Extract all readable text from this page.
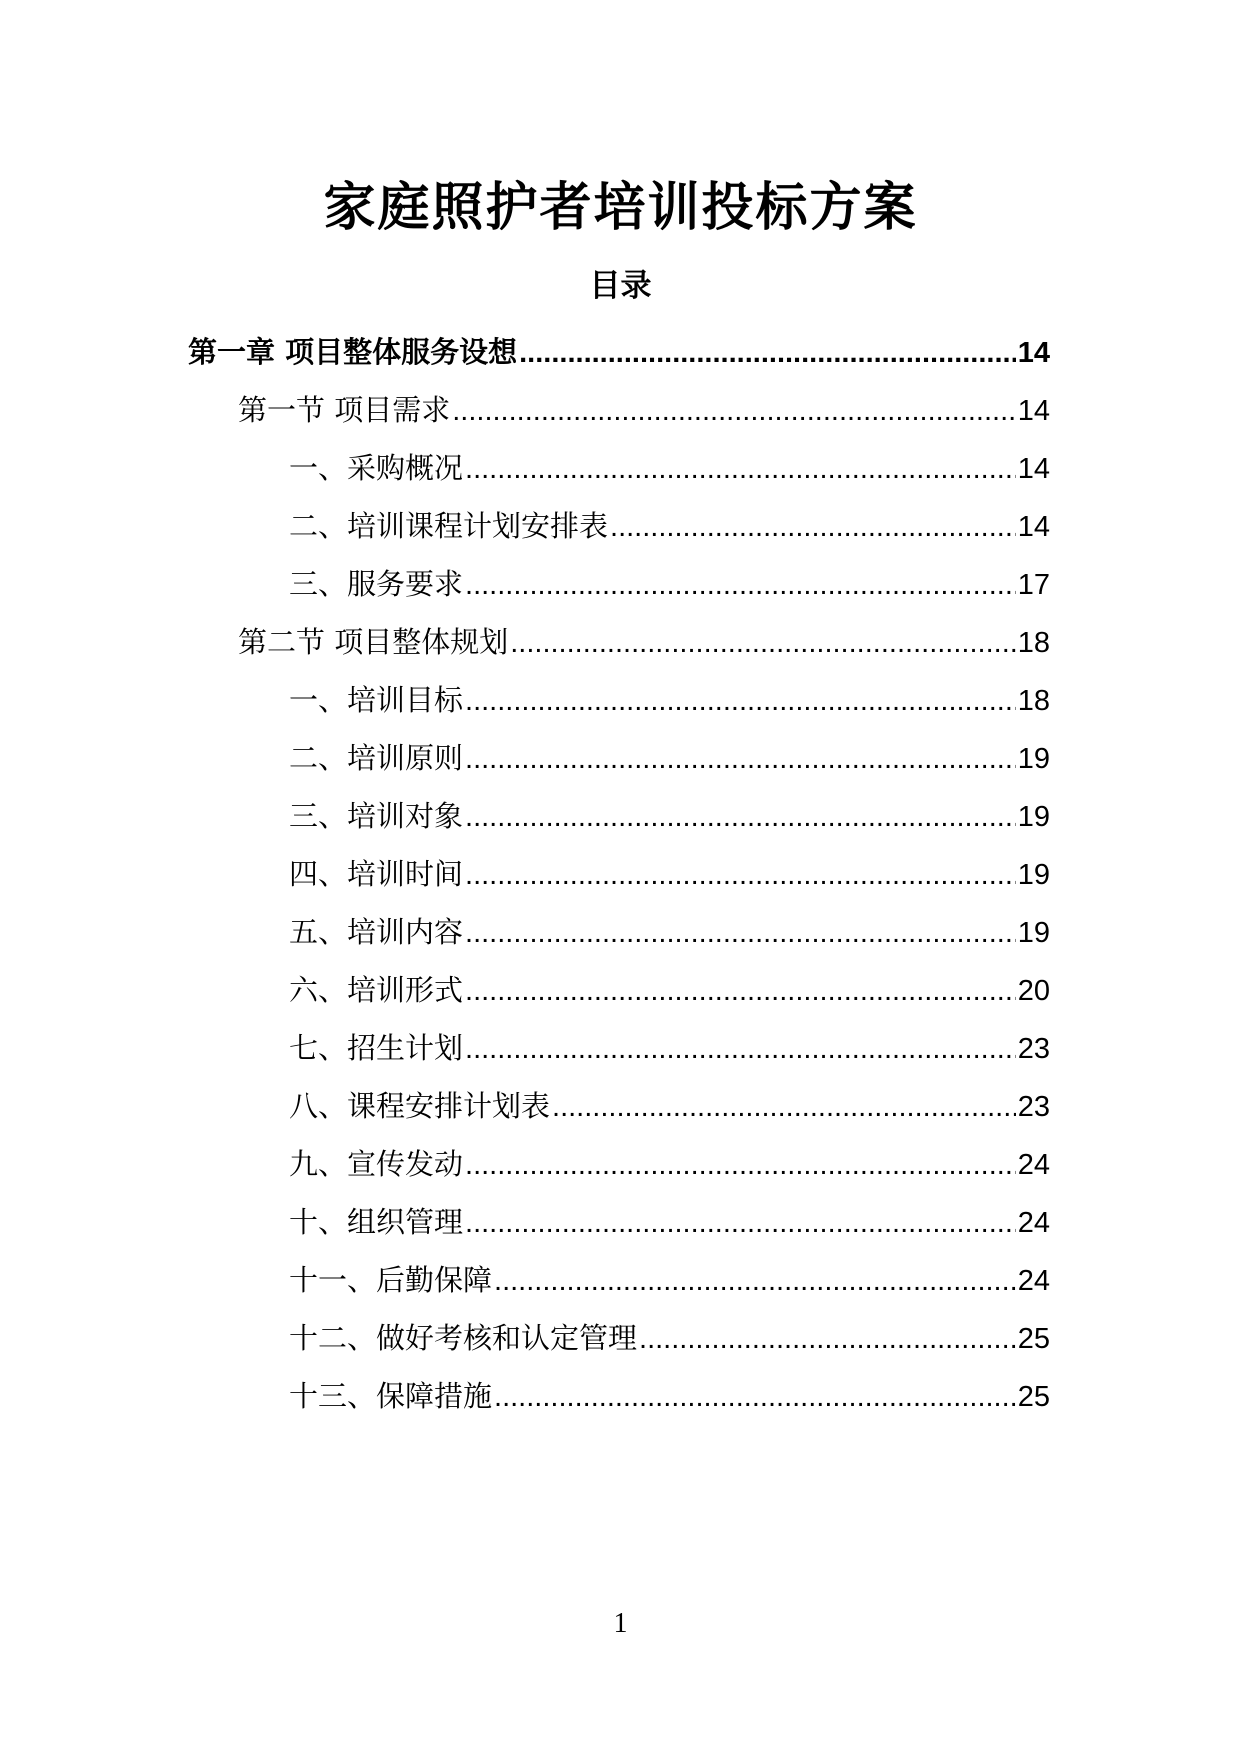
家庭照护者培训投标方案
目录
第一章 项目整体服务设想 .....	14
第一节 项目需求 .....	14
一、采购概况 .....	14
二、培训课程计划安排表 .....	14
三、服务要求 .....	17
第二节 项目整体规划 .....	18
一、培训目标 .....	18
二、培训原则 .....	19
三、培训对象 .....	19
四、培训时间 .....	19
五、培训内容 .....	19
六、培训形式 .....	20
七、招生计划 .....	23
八、课程安排计划表 .....	23
九、宣传发动 .....	24
十、组织管理 .....	24
十一、后勤保障 .....	24
十二、做好考核和认定管理 .....	25
十三、保障措施 .....	25
1
